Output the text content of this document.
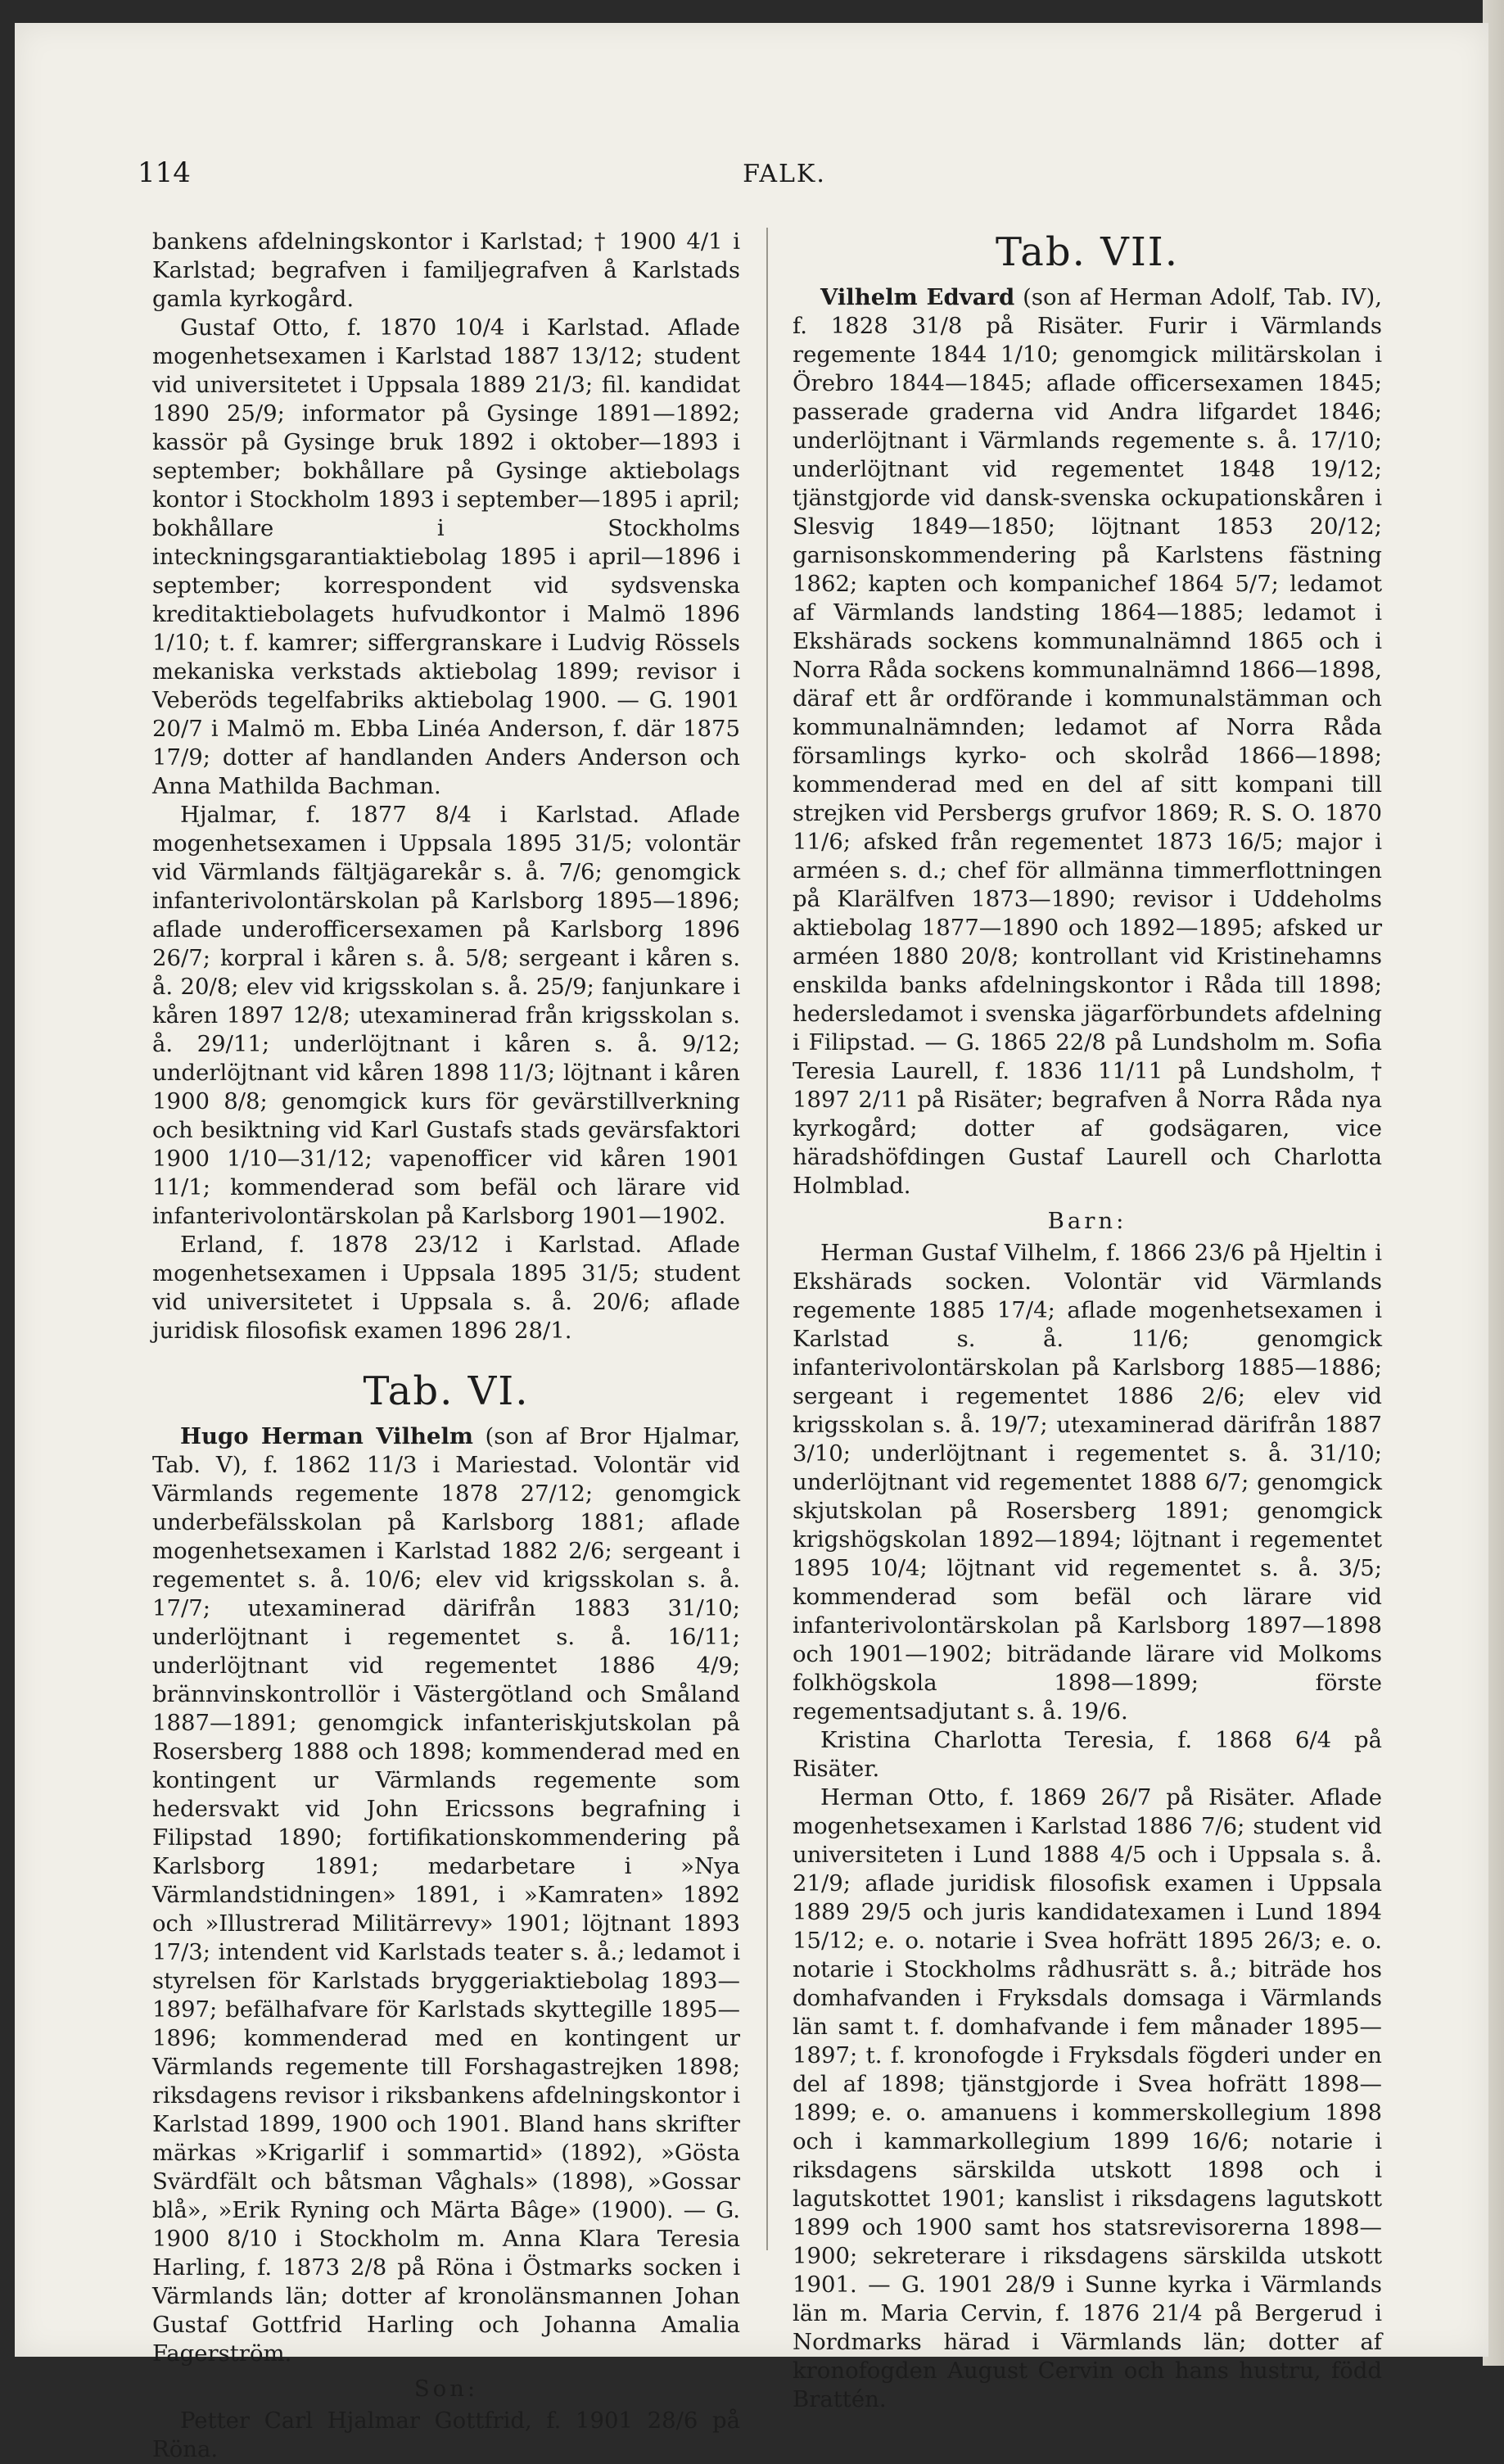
114	FALK.

bankens afdelningskontor i Karlstad; † 1900 4/1 i Karlstad; begrafven i familjegrafven å Karlstads gamla kyrkogård.

Gustaf Otto, f. 1870 10/4 i Karlstad. Aflade mogenhetsexamen i Karlstad 1887 13/12; student vid universitetet i Uppsala 1889 21/3; fil. kandidat 1890 25/9; informator på Gysinge 1891—1892; kassör på Gysinge bruk 1892 i oktober—1893 i september; bokhållare på Gysinge aktiebolags kontor i Stockholm 1893 i september—1895 i april; bokhållare i Stockholms inteckningsgarantiaktiebolag 1895 i april—1896 i september; korrespondent vid sydsvenska kreditaktiebolagets hufvudkontor i Malmö 1896 1/10; t. f. kamrer; siffergranskare i Ludvig Rössels mekaniska verkstads aktiebolag 1899; revisor i Veberöds tegelfabriks aktiebolag 1900. — G. 1901 20/7 i Malmö m. Ebba Linéa Anderson, f. där 1875 17/9; dotter af handlanden Anders Anderson och Anna Mathilda Bachman.

Hjalmar, f. 1877 8/4 i Karlstad. Aflade mogenhetsexamen i Uppsala 1895 31/5; volontär vid Värmlands fältjägarekår s. å. 7/6; genomgick infanterivolontärskolan på Karlsborg 1895—1896; aflade underofficersexamen på Karlsborg 1896 26/7; korpral i kåren s. å. 5/8; sergeant i kåren s. å. 20/8; elev vid krigsskolan s. å. 25/9; fanjunkare i kåren 1897 12/8; utexaminerad från krigsskolan s. å. 29/11; underlöjtnant i kåren s. å. 9/12; underlöjtnant vid kåren 1898 11/3; löjtnant i kåren 1900 8/8; genomgick kurs för gevärstillverkning och besiktning vid Karl Gustafs stads gevärsfaktori 1900 1/10—31/12; vapenofficer vid kåren 1901 11/1; kommenderad som befäl och lärare vid infanterivolontärskolan på Karlsborg 1901—1902.

Erland, f. 1878 23/12 i Karlstad. Aflade mogenhetsexamen i Uppsala 1895 31/5; student vid universitetet i Uppsala s. å. 20/6; aflade juridisk filosofisk examen 1896 28/1.

Tab. VI.

Hugo Herman Vilhelm (son af Bror Hjalmar, Tab. V), f. 1862 11/3 i Mariestad. Volontär vid Värmlands regemente 1878 27/12; genomgick underbefälsskolan på Karlsborg 1881; aflade mogenhetsexamen i Karlstad 1882 2/6; sergeant i regementet s. å. 10/6; elev vid krigsskolan s. å. 17/7; utexaminerad därifrån 1883 31/10; underlöjtnant i regementet s. å. 16/11; underlöjtnant vid regementet 1886 4/9; brännvinskontrollör i Västergötland och Småland 1887—1891; genomgick infanteriskjutskolan på Rosersberg 1888 och 1898; kommenderad med en kontingent ur Värmlands regemente som hedersvakt vid John Ericssons begrafning i Filipstad 1890; fortifikationskommendering på Karlsborg 1891; medarbetare i »Nya Värmlandstidningen» 1891, i »Kamraten» 1892 och »Illustrerad Militärrevy» 1901; löjtnant 1893 17/3; intendent vid Karlstads teater s. å.; ledamot i styrelsen för Karlstads bryggeriaktiebolag 1893—1897; befälhafvare för Karlstads skyttegille 1895—1896; kommenderad med en kontingent ur Värmlands regemente till Forshagastrejken 1898; riksdagens revisor i riksbankens afdelningskontor i Karlstad 1899, 1900 och 1901. Bland hans skrifter märkas »Krigarlif i sommartid» (1892), »Gösta Svärdfält och båtsman Våghals» (1898), »Gossar blå», »Erik Ryning och Märta Bâge» (1900). — G. 1900 8/10 i Stockholm m. Anna Klara Teresia Harling, f. 1873 2/8 på Röna i Östmarks socken i Värmlands län; dotter af kronolänsmannen Johan Gustaf Gottfrid Harling och Johanna Amalia Fagerström.

Son:

Petter Carl Hjalmar Gottfrid, f. 1901 28/6 på Röna.

Tab. VII.

Vilhelm Edvard (son af Herman Adolf, Tab. IV), f. 1828 31/8 på Risäter. Furir i Värmlands regemente 1844 1/10; genomgick militärskolan i Örebro 1844—1845; aflade officersexamen 1845; passerade graderna vid Andra lifgardet 1846; underlöjtnant i Värmlands regemente s. å. 17/10; underlöjtnant vid regementet 1848 19/12; tjänstgjorde vid dansk-svenska ockupationskåren i Slesvig 1849—1850; löjtnant 1853 20/12; garnisonskommendering på Karlstens fästning 1862; kapten och kompanichef 1864 5/7; ledamot af Värmlands landsting 1864—1885; ledamot i Ekshärads sockens kommunalnämnd 1865 och i Norra Råda sockens kommunalnämnd 1866—1898, däraf ett år ordförande i kommunalstämman och kommunalnämnden; ledamot af Norra Råda församlings kyrko- och skolråd 1866—1898; kommenderad med en del af sitt kompani till strejken vid Persbergs grufvor 1869; R. S. O. 1870 11/6; afsked från regementet 1873 16/5; major i arméen s. d.; chef för allmänna timmerflottningen på Klarälfven 1873—1890; revisor i Uddeholms aktiebolag 1877—1890 och 1892—1895; afsked ur arméen 1880 20/8; kontrollant vid Kristinehamns enskilda banks afdelningskontor i Råda till 1898; hedersledamot i svenska jägarförbundets afdelning i Filipstad. — G. 1865 22/8 på Lundsholm m. Sofia Teresia Laurell, f. 1836 11/11 på Lundsholm, † 1897 2/11 på Risäter; begrafven å Norra Råda nya kyrkogård; dotter af godsägaren, vice häradshöfdingen Gustaf Laurell och Charlotta Holmblad.

Barn:

Herman Gustaf Vilhelm, f. 1866 23/6 på Hjeltin i Ekshärads socken. Volontär vid Värmlands regemente 1885 17/4; aflade mogenhetsexamen i Karlstad s. å. 11/6; genomgick infanterivolontärskolan på Karlsborg 1885—1886; sergeant i regementet 1886 2/6; elev vid krigsskolan s. å. 19/7; utexaminerad därifrån 1887 3/10; underlöjtnant i regementet s. å. 31/10; underlöjtnant vid regementet 1888 6/7; genomgick skjutskolan på Rosersberg 1891; genomgick krigshögskolan 1892—1894; löjtnant i regementet 1895 10/4; löjtnant vid regementet s. å. 3/5; kommenderad som befäl och lärare vid infanterivolontärskolan på Karlsborg 1897—1898 och 1901—1902; biträdande lärare vid Molkoms folkhögskola 1898—1899; förste regementsadjutant s. å. 19/6.

Kristina Charlotta Teresia, f. 1868 6/4 på Risäter.

Herman Otto, f. 1869 26/7 på Risäter. Aflade mogenhetsexamen i Karlstad 1886 7/6; student vid universiteten i Lund 1888 4/5 och i Uppsala s. å. 21/9; aflade juridisk filosofisk examen i Uppsala 1889 29/5 och juris kandidatexamen i Lund 1894 15/12; e. o. notarie i Svea hofrätt 1895 26/3; e. o. notarie i Stockholms rådhusrätt s. å.; biträde hos domhafvanden i Fryksdals domsaga i Värmlands län samt t. f. domhafvande i fem månader 1895—1897; t. f. kronofogde i Fryksdals fögderi under en del af 1898; tjänstgjorde i Svea hofrätt 1898—1899; e. o. amanuens i kommerskollegium 1898 och i kammarkollegium 1899 16/6; notarie i riksdagens särskilda utskott 1898 och i lagutskottet 1901; kanslist i riksdagens lagutskott 1899 och 1900 samt hos statsrevisorerna 1898—1900; sekreterare i riksdagens särskilda utskott 1901. — G. 1901 28/9 i Sunne kyrka i Värmlands län m. Maria Cervin, f. 1876 21/4 på Bergerud i Nordmarks härad i Värmlands län; dotter af kronofogden August Cervin och hans hustru, född Brattén.
